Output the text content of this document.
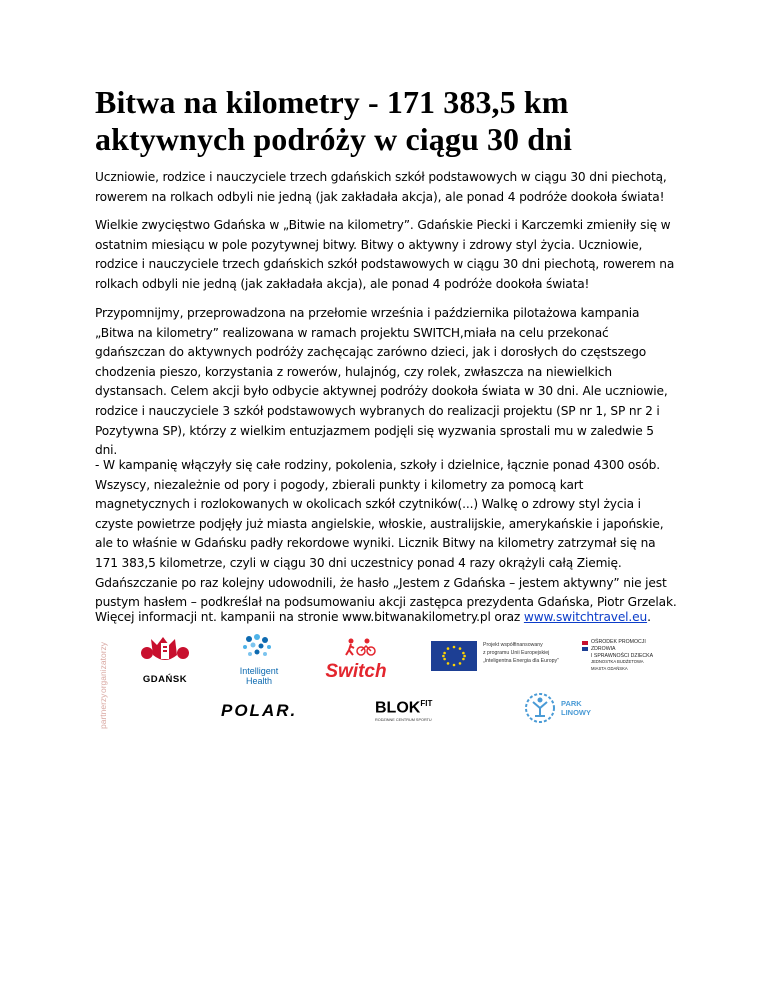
Bitwa na kilometry - 171 383,5 km
aktywnych podróży w ciągu 30 dni

Uczniowie, rodzice i nauczyciele trzech gdańskich szkół podstawowych w ciągu 30 dni piechotą, rowerem na rolkach odbyli nie jedną (jak zakładała akcja), ale ponad 4 podróże dookoła świata!

Wielkie zwycięstwo Gdańska w „Bitwie na kilometry”. Gdańskie Piecki i Karczemki zmieniły się w ostatnim miesiącu w pole pozytywnej bitwy. Bitwy o aktywny i zdrowy styl życia. Uczniowie, rodzice i nauczyciele trzech gdańskich szkół podstawowych w ciągu 30 dni piechotą, rowerem na rolkach odbyli nie jedną (jak zakładała akcja), ale ponad 4 podróże dookoła świata!

Przypomnijmy, przeprowadzona na przełomie września i października pilotażowa kampania „Bitwa na kilometry” realizowana w ramach projektu SWITCH,miała na celu przekonać gdańszczan do aktywnych podróży zachęcając zarówno dzieci, jak i dorosłych do częstszego chodzenia pieszo, korzystania z rowerów, hulajnóg, czy rolek, zwłaszcza na niewielkich dystansach. Celem akcji było odbycie aktywnej podróży dookoła świata w 30 dni. Ale uczniowie, rodzice i nauczyciele 3 szkół podstawowych wybranych do realizacji projektu (SP nr 1, SP nr 2 i Pozytywna SP), którzy z wielkim entuzjazmem podjęli się wyzwania sprostali mu w zaledwie 5 dni.

- W kampanię włączyły się całe rodziny, pokolenia, szkoły i dzielnice, łącznie ponad 4300 osób. Wszyscy, niezależnie od pory i pogody, zbierali punkty i kilometry za pomocą kart magnetycznych i rozlokowanych w okolicach szkół czytników(...) Walkę o zdrowy styl życia i czyste powietrze podjęły już miasta angielskie, włoskie, australijskie, amerykańskie i japońskie, ale to właśnie w Gdańsku padły rekordowe wyniki. Licznik Bitwy na kilometry zatrzymał się na 171 383,5 kilometrze, czyli w ciągu 30 dni uczestnicy ponad 4 razy okrążyli całą Ziemię. Gdańszczanie po raz kolejny udowodnili, że hasło „Jestem z Gdańska – jestem aktywny” nie jest pustym hasłem – podkreślał na podsumowaniu akcji zastępca prezydenta Gdańska, Piotr Grzelak.

Więcej informacji nt. kampanii na stronie www.bitwanakilometry.pl oraz www.switchtravel.eu.

organizatorzy
partnerzy
GDAŃSK
Intelligent
Health	Switch
Projekt współfinansowany
z programu Unii Europejskiej
„Inteligentna Energia dla Europy”
OŚRODEK PROMOCJI
ZDROWIA
I SPRAWNOŚCI DZIECKA
JEDNOSTKA BUDŻETOWA
MIASTA GDAŃSKA
POLAR.	$BLOK^{FIT}$
RODZINNE CENTRUM SPORTU
PARK
LINOWY
